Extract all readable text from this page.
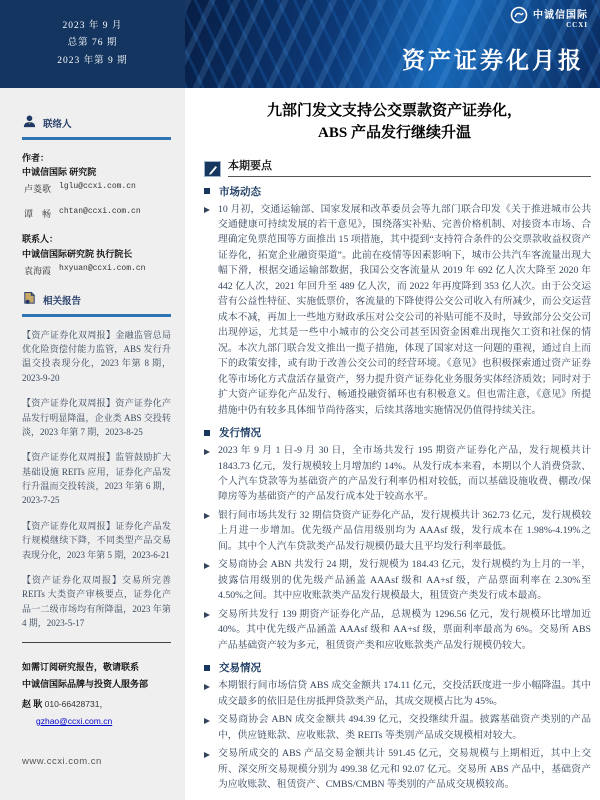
2023 年 9 月
总第 76 期
2023 年第 9 期
中诚信国际
CCXI
资产证券化月报
联络人
作者：
中诚信国际 研究院
卢菱歌 lglu@ccxi.com.cn
谭　畅 chtan@ccxi.com.cn
联系人：
中诚信国际研究院 执行院长
袁海霞 hxyuan@ccxi.com.cn
相关报告

【资产证券化双周报】金融监管总局优化险资偿付能力监管，ABS 发行升温交投表现分化，2023 年第 8 期，2023-9-20

【资产证券化双周报】资产证券化产品发行明显降温，企业类 ABS 交投转淡，2023 年第 7 期，2023-8-25

【资产证券化双周报】监管鼓励扩大基础设施 REITs 应用，证券化产品发行升温而交投转淡，2023 年第 6 期，2023-7-25

【资产证券化双周报】证券化产品发行规模继续下降，不同类型产品交易表现分化，2023 年第 5 期，2023-6-21

【资产证券化双周报】交易所完善 REITs 大类资产审核要点，证券化产品一二级市场均有所降温，2023 年第 4 期，2023-5-17

如需订阅研究报告，敬请联系
中诚信国际品牌与投资人服务部
赵 耿 010-66428731，
gzhao@ccxi.com.cn
www.ccxi.com.cn
九部门发文支持公交票款资产证券化，
ABS 产品发行继续升温
本期要点
市场动态

10 月初，交通运输部、国家发展和改革委员会等九部门联合印发《关于推进城市公共交通健康可持续发展的若干意见》，围绕落实补贴、完善价格机制、对接资本市场、合理确定免票范围等方面推出 15 项措施，其中提到“支持符合条件的公交票款收益权资产证券化，拓宽企业融资渠道”。此前在疫情等因素影响下，城市公共汽车客流量出现大幅下滑，根据交通运输部数据，我国公交客流量从 2019 年 692 亿人次大降至 2020 年 442 亿人次，2021 年回升至 489 亿人次，而 2022 年再度降到 353 亿人次。由于公交运营有公益性特征、实施低票价，客流量的下降使得公交公司收入有所减少，而公交运营成本不减，再加上一些地方财政承压对公交公司的补贴可能不及时，导致部分公交公司出现停运，尤其是一些中小城市的公交公司甚至因资金困难出现拖欠工资和社保的情况。本次九部门联合发文推出一揽子措施，体现了国家对这一问题的重视，通过自上而下的政策安排，或有助于改善公交公司的经营环境。《意见》也积极探索通过资产证券化等市场化方式盘活存量资产，努力提升资产证券化业务服务实体经济质效；同时对于扩大资产证券化产品发行、畅通投融资循环也有积极意义。但也需注意，《意见》所提措施中仍有较多具体细节尚待落实，后续其落地实施情况仍值得持续关注。

发行情况

2023 年 9 月 1 日-9 月 30 日，全市场共发行 195 期资产证券化产品，发行规模共计 1843.73 亿元，发行规模较上月增加约 14%。从发行成本来看，本期以个人消费贷款、个人汽车贷款等为基础资产的产品发行利率仍相对较低，而以基础设施收费、棚改/保障房等为基础资产的产品发行成本处于较高水平。

银行间市场共发行 32 期信贷资产证券化产品，发行规模共计 362.73 亿元，发行规模较上月进一步增加。优先级产品信用级别均为 AAAsf 级，发行成本在 1.98%-4.19%之间。其中个人汽车贷款类产品发行规模仍最大且平均发行利率最低。

交易商协会 ABN 共发行 24 期，发行规模为 184.43 亿元，发行规模约为上月的一半，披露信用级别的优先级产品涵盖 AAAsf 级和 AA+sf 级，产品票面利率在 2.30%至 4.50%之间。其中应收账款类产品发行规模最大，租赁资产类发行成本最高。

交易所共发行 139 期资产证券化产品，总规模为 1296.56 亿元，发行规模环比增加近 40%。其中优先级产品涵盖 AAAsf 级和 AA+sf 级，票面利率最高为 6%。交易所 ABS 产品基础资产较为多元，租赁资产类和应收账款类产品发行规模仍较大。

交易情况

本期银行间市场信贷 ABS 成交金额共 174.11 亿元，交投活跃度进一步小幅降温。其中成交最多的依旧是住房抵押贷款类产品，其成交规模占比为 45%。

交易商协会 ABN 成交金额共 494.39 亿元，交投继续升温。披露基础资产类别的产品中，供应链账款、应收账款、类 REITs 等类别产品成交规模相对较大。

交易所成交的 ABS 产品交易金额共计 591.45 亿元，交易规模与上期相近，其中上交所、深交所交易规模分别为 499.38 亿元和 92.07 亿元。交易所 ABS 产品中，基础资产为应收账款、租赁资产、CMBS/CMBN 等类别的产品成交规模较高。
